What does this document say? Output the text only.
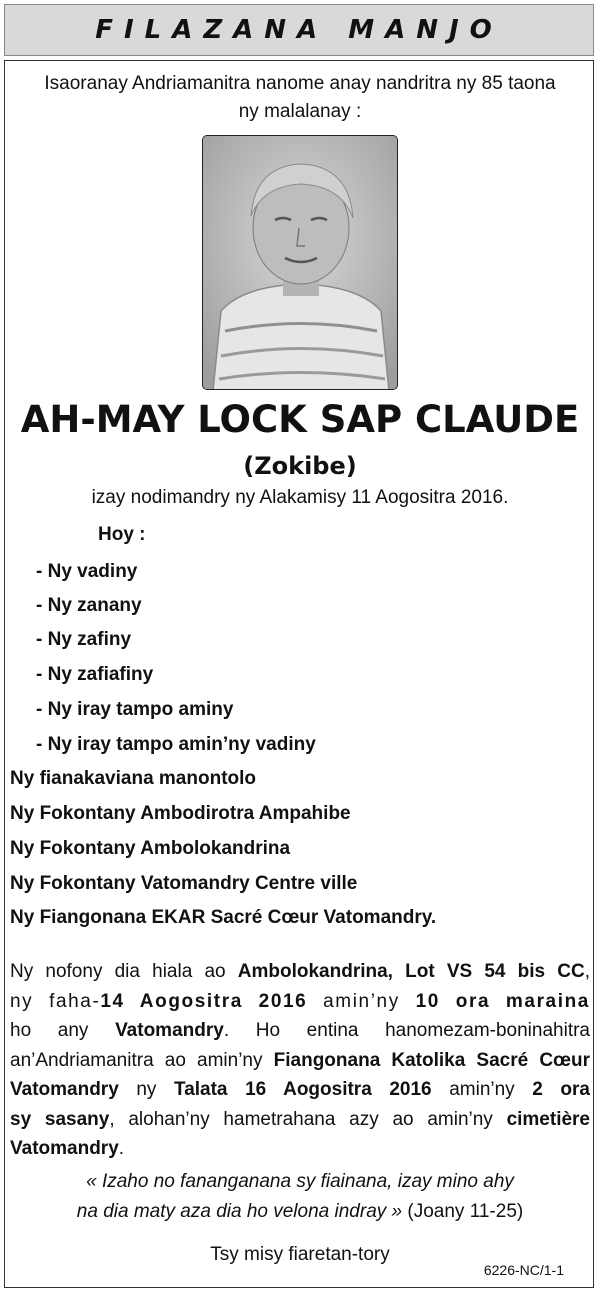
FILAZANA MANJO
Isaoranay Andriamanitra nanome anay nandritra ny 85 taona
ny malalanay :
AH-MAY LOCK SAP CLAUDE
(Zokibe)
izay nodimandry ny Alakamisy 11 Aogositra 2016.
Hoy :
- Ny vadiny
- Ny zanany
- Ny zafiny
- Ny zafiafiny
- Ny iray tampo aminy
- Ny iray tampo amin’ny vadiny
Ny fianakaviana manontolo
Ny Fokontany Ambodirotra Ampahibe
Ny Fokontany Ambolokandrina
Ny Fokontany Vatomandry Centre ville
Ny Fiangonana EKAR Sacré Cœur Vatomandry.
Ny nofony dia hiala ao Ambolokandrina, Lot VS 54 bis CC,
ny faha-14 Aogositra 2016 amin’ny 10 ora maraina
ho any Vatomandry. Ho entina hanomezam-boninahitra
an’Andriamanitra ao amin’ny Fiangonana Katolika Sacré Cœur
Vatomandry ny Talata 16 Aogositra 2016 amin’ny 2 ora
sy sasany, alohan’ny hametrahana azy ao amin’ny cimetière
Vatomandry.
« Izaho no fananganana sy fiainana, izay mino ahy
na dia maty aza dia ho velona indray » (Joany 11-25)
Tsy misy fiaretan-tory
6226-NC/1-1
